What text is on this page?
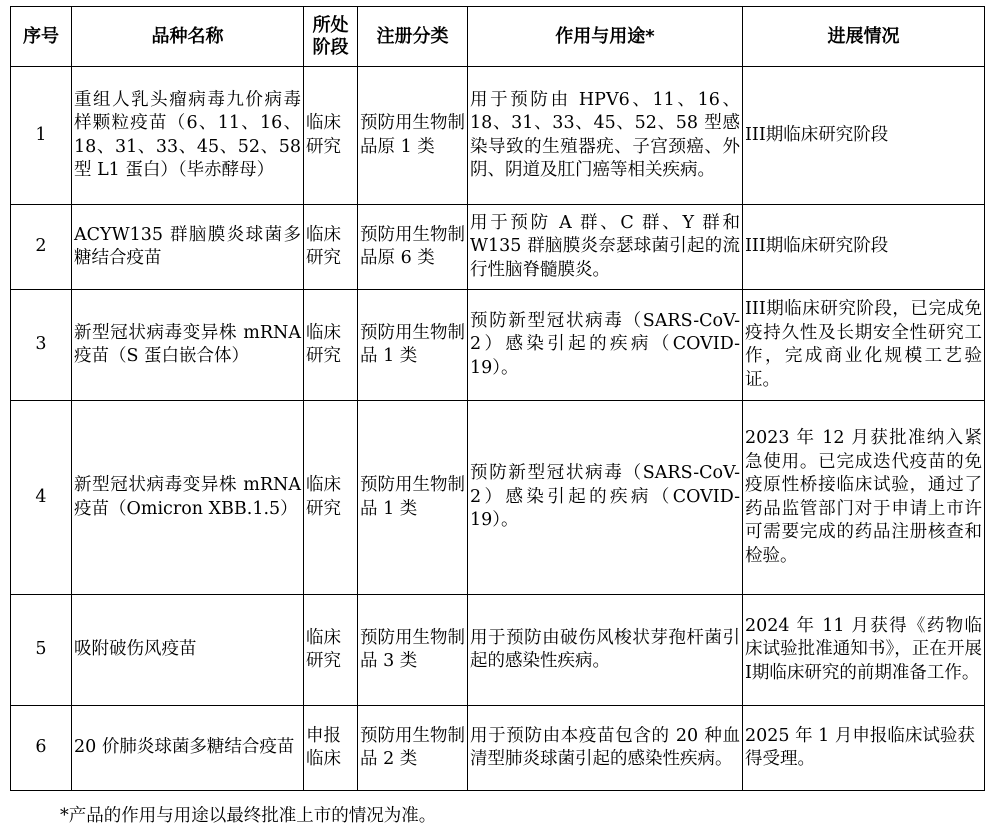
序号	品种名称	所处阶段	注册分类	作用与用途*	进展情况
1	重组人乳头瘤病毒九价病毒样颗粒疫苗（6、11、16、18、31、33、45、52、58 型 L1 蛋白）（毕赤酵母）	临床研究	预防用生物制品原 1 类	用于预防由 HPV6、11、16、18、31、33、45、52、58 型感染导致的生殖器疣、子宫颈癌、外阴、阴道及肛门癌等相关疾病。	III期临床研究阶段
2	ACYW135 群脑膜炎球菌多糖结合疫苗	临床研究	预防用生物制品原 6 类	用于预防 A 群、C 群、Y 群和 W135 群脑膜炎奈瑟球菌引起的流行性脑脊髓膜炎。	III期临床研究阶段
3	新型冠状病毒变异株 mRNA 疫苗（S 蛋白嵌合体）	临床研究	预防用生物制品 1 类	预防新型冠状病毒（SARS-CoV-2）感染引起的疾病（COVID-19）。	III期临床研究阶段，已完成免疫持久性及长期安全性研究工作，完成商业化规模工艺验证。
4	新型冠状病毒变异株 mRNA 疫苗（Omicron XBB.1.5）	临床研究	预防用生物制品 1 类	预防新型冠状病毒（SARS-CoV-2）感染引起的疾病（COVID-19）。	2023 年 12 月获批准纳入紧急使用。已完成迭代疫苗的免疫原性桥接临床试验，通过了药品监管部门对于申请上市许可需要完成的药品注册核查和检验。
5	吸附破伤风疫苗	临床研究	预防用生物制品 3 类	用于预防由破伤风梭状芽孢杆菌引起的感染性疾病。	2024 年 11 月获得《药物临床试验批准通知书》，正在开展I期临床研究的前期准备工作。
6	20 价肺炎球菌多糖结合疫苗	申报临床	预防用生物制品 2 类	用于预防由本疫苗包含的 20 种血清型肺炎球菌引起的感染性疾病。	2025 年 1 月申报临床试验获得受理。
*产品的作用与用途以最终批准上市的情况为准。
